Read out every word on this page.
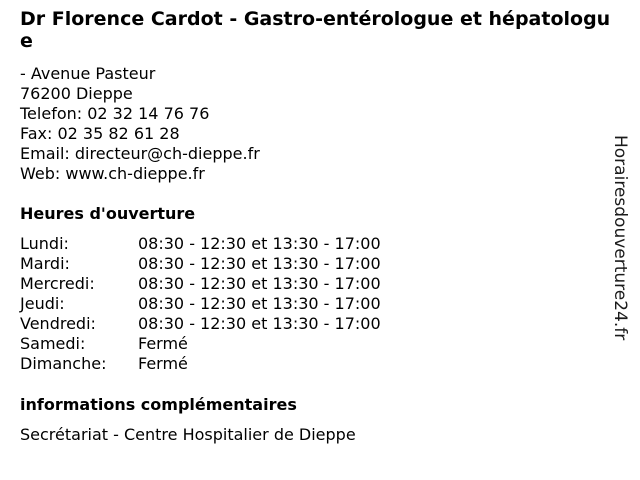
Dr Florence Cardot - Gastro-entérologue et hépatologue
- Avenue Pasteur
76200 Dieppe
Telefon: 02 32 14 76 76
Fax: 02 35 82 61 28
Email: directeur@ch-dieppe.fr
Web: www.ch-dieppe.fr
Heures d'ouverture
Lundi:	08:30 - 12:30 et 13:30 - 17:00
Mardi:	08:30 - 12:30 et 13:30 - 17:00
Mercredi:	08:30 - 12:30 et 13:30 - 17:00
Jeudi:	08:30 - 12:30 et 13:30 - 17:00
Vendredi:	08:30 - 12:30 et 13:30 - 17:00
Samedi:	Fermé
Dimanche:	Fermé
informations complémentaires
Secrétariat - Centre Hospitalier de Dieppe
Horairesdouverture24.fr
